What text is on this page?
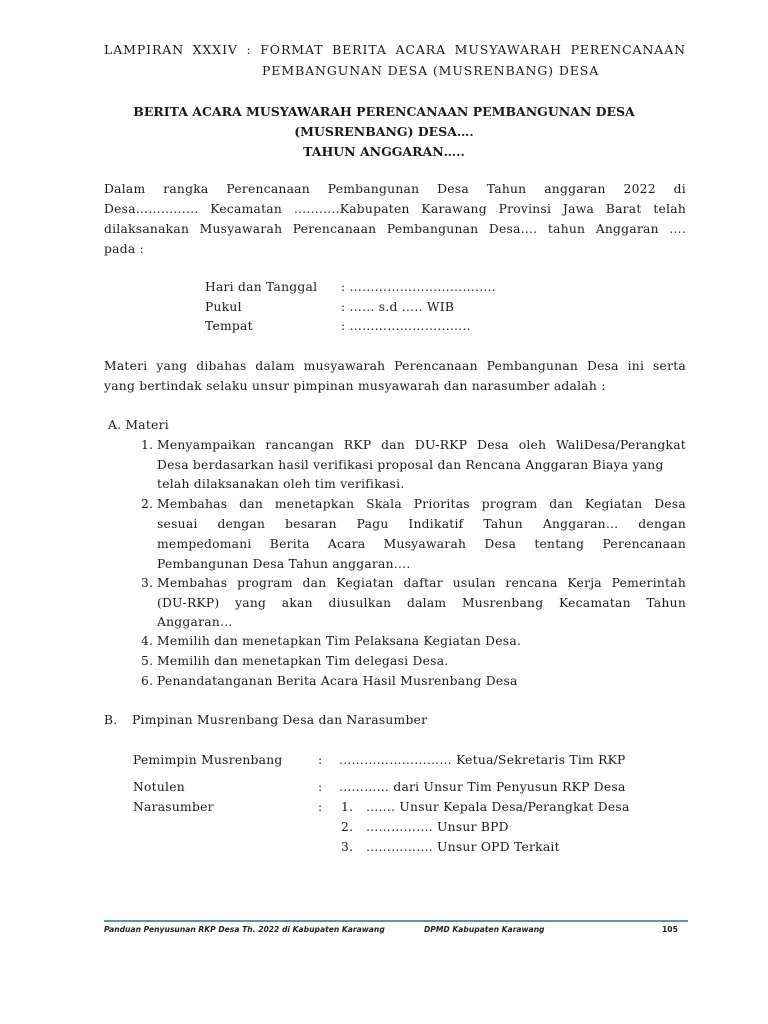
LAMPIRAN XXXIV : FORMAT BERITA ACARA MUSYAWARAH PERENCANAAN
PEMBANGUNAN DESA (MUSRENBANG) DESA
BERITA ACARA MUSYAWARAH PERENCANAAN PEMBANGUNAN DESA
(MUSRENBANG) DESA….
TAHUN ANGGARAN…..
Dalam rangka Perencanaan Pembangunan Desa Tahun anggaran 2022 di
Desa…………… Kecamatan ………..Kabupaten Karawang Provinsi Jawa Barat telah
dilaksanakan Musyawarah Perencanaan Pembangunan Desa…. tahun Anggaran ….
pada :
Hari dan Tanggal : ……………………………..
Pukul	: …… s.d ….. WIB
Tempat	: ………………………..
Materi yang dibahas dalam musyawarah Perencanaan Pembangunan Desa ini serta
yang bertindak selaku unsur pimpinan musyawarah dan narasumber adalah :
A. Materi
1. Menyampaikan rancangan RKP dan DU-RKP Desa oleh WaliDesa/Perangkat
Desa berdasarkan hasil verifikasi proposal dan Rencana Anggaran Biaya yang
telah dilaksanakan oleh tim verifikasi.
2. Membahas dan menetapkan Skala Prioritas program dan Kegiatan Desa
sesuai dengan besaran Pagu Indikatif Tahun Anggaran… dengan
mempedomani Berita Acara Musyawarah Desa tentang Perencanaan
Pembangunan Desa Tahun anggaran….
3. Membahas program dan Kegiatan daftar usulan rencana Kerja Pemerintah
(DU-RKP) yang akan diusulkan dalam Musrenbang Kecamatan Tahun
Anggaran…
4. Memilih dan menetapkan Tim Pelaksana Kegiatan Desa.
5. Memilih dan menetapkan Tim delegasi Desa.
6. Penandatanganan Berita Acara Hasil Musrenbang Desa
B. Pimpinan Musrenbang Desa dan Narasumber
Pemimpin Musrenbang	: ……………………… Ketua/Sekretaris Tim RKP
Notulen	: ………… dari Unsur Tim Penyusun RKP Desa
Narasumber	: 1. ……. Unsur Kepala Desa/Perangkat Desa
2. ……………. Unsur BPD
3. ……………. Unsur OPD Terkait
Panduan Penyusunan RKP Desa Th. 2022 di Kabupaten Karawang	DPMD Kabupaten Karawang	105
